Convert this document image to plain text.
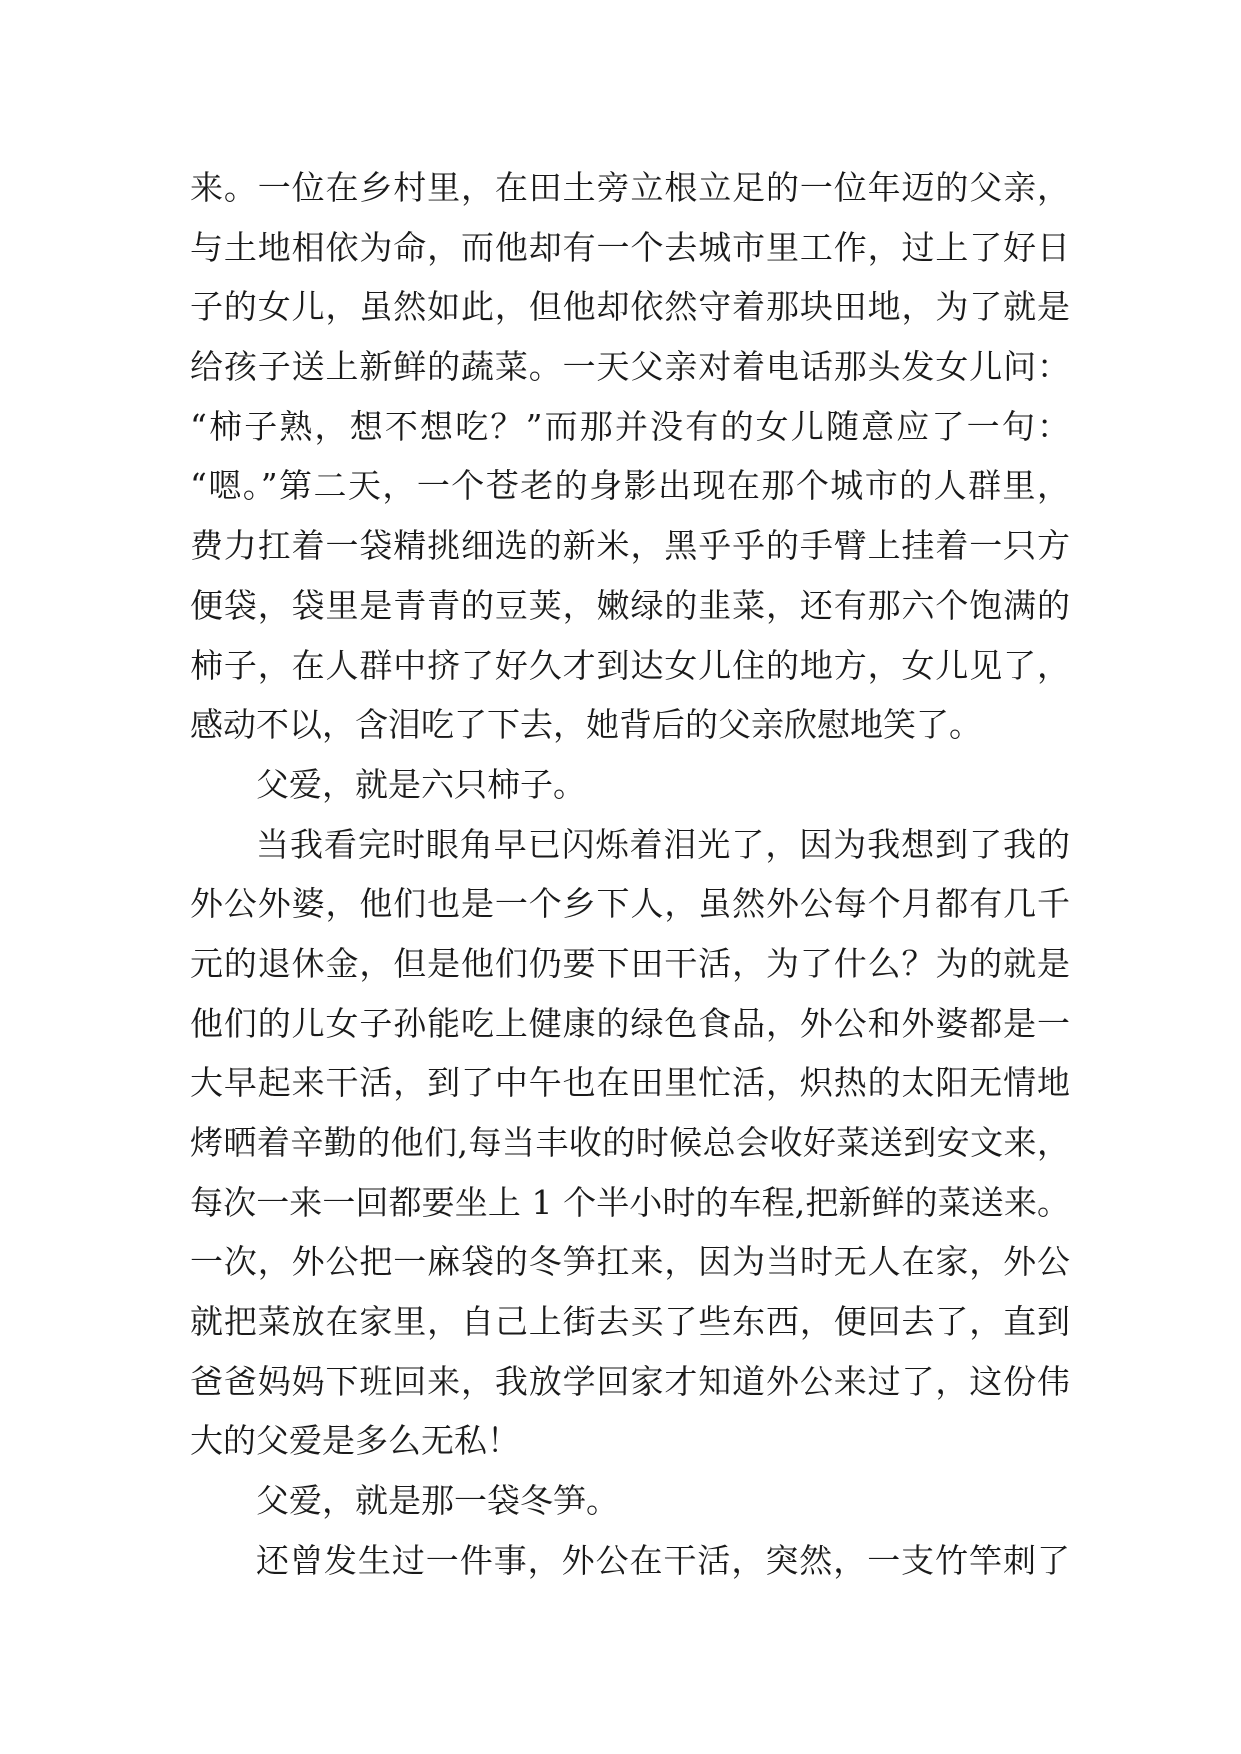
来。一位在乡村里，在田土旁立根立足的一位年迈的父亲，
与土地相依为命，而他却有一个去城市里工作，过上了好日
子的女儿，虽然如此，但他却依然守着那块田地，为了就是
给孩子送上新鲜的蔬菜。一天父亲对着电话那头发女儿问：
“柿子熟，想不想吃？”而那并没有的女儿随意应了一句：
“嗯。”第二天，一个苍老的身影出现在那个城市的人群里，
费力扛着一袋精挑细选的新米，黑乎乎的手臂上挂着一只方
便袋，袋里是青青的豆荚，嫩绿的韭菜，还有那六个饱满的
柿子，在人群中挤了好久才到达女儿住的地方，女儿见了，
感动不以，含泪吃了下去，她背后的父亲欣慰地笑了。
父爱，就是六只柿子。
当我看完时眼角早已闪烁着泪光了，因为我想到了我的
外公外婆，他们也是一个乡下人，虽然外公每个月都有几千
元的退休金，但是他们仍要下田干活，为了什么？为的就是
他们的儿女子孙能吃上健康的绿色食品，外公和外婆都是一
大早起来干活，到了中午也在田里忙活，炽热的太阳无情地
烤晒着辛勤的他们,每当丰收的时候总会收好菜送到安文来，
每次一来一回都要坐上 1 个半小时的车程,把新鲜的菜送来。
一次，外公把一麻袋的冬笋扛来，因为当时无人在家，外公
就把菜放在家里，自己上街去买了些东西，便回去了，直到
爸爸妈妈下班回来，我放学回家才知道外公来过了，这份伟
大的父爱是多么无私！
父爱，就是那一袋冬笋。
还曾发生过一件事，外公在干活，突然，一支竹竿刺了
